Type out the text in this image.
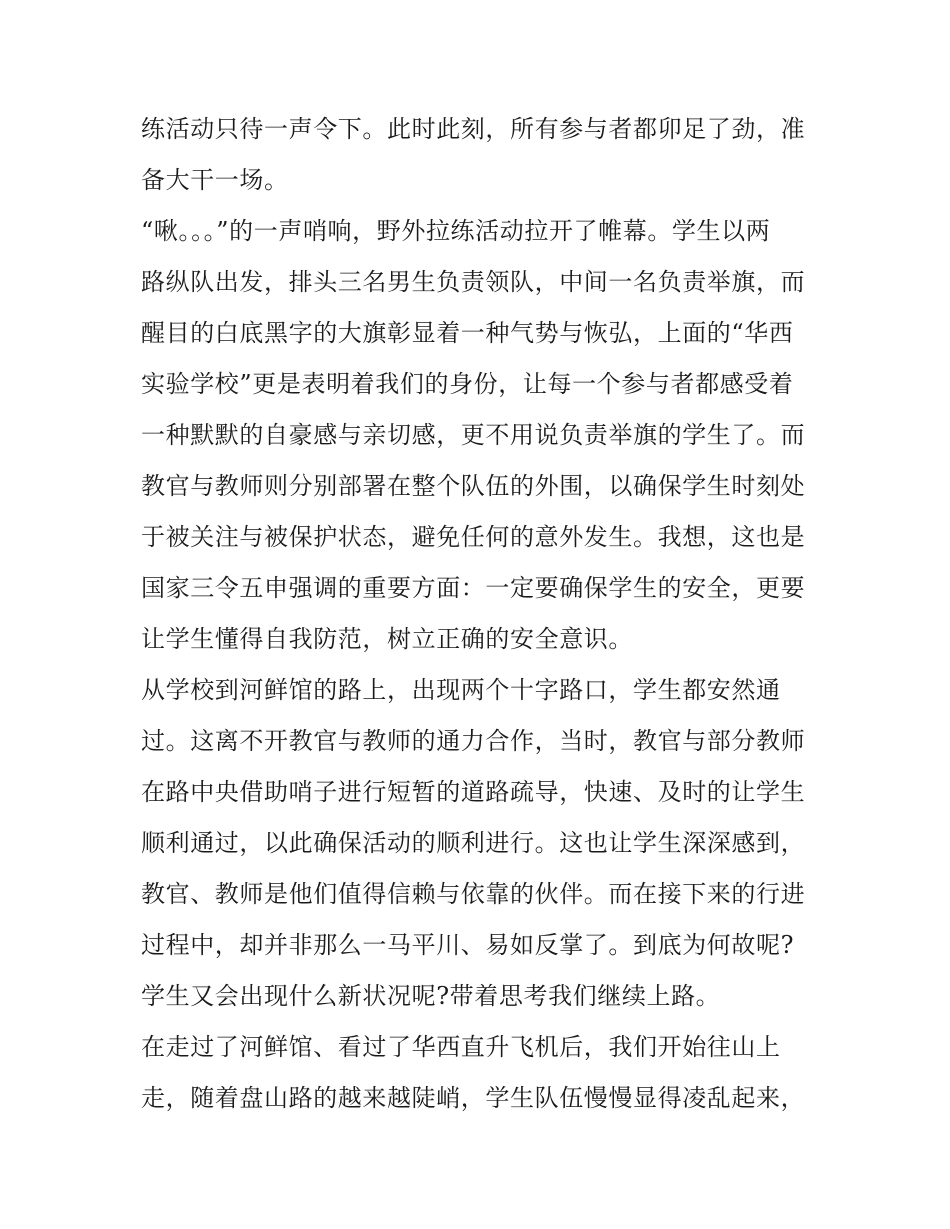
练活动只待一声令下。此时此刻，所有参与者都卯足了劲，准
备大干一场。
“啾。。。”的一声哨响，野外拉练活动拉开了帷幕。学生以两
路纵队出发，排头三名男生负责领队，中间一名负责举旗，而
醒目的白底黑字的大旗彰显着一种气势与恢弘，上面的“华西
实验学校”更是表明着我们的身份，让每一个参与者都感受着
一种默默的自豪感与亲切感，更不用说负责举旗的学生了。而
教官与教师则分别部署在整个队伍的外围，以确保学生时刻处
于被关注与被保护状态，避免任何的意外发生。我想，这也是
国家三令五申强调的重要方面：一定要确保学生的安全，更要
让学生懂得自我防范，树立正确的安全意识。
从学校到河鲜馆的路上，出现两个十字路口，学生都安然通
过。这离不开教官与教师的通力合作，当时，教官与部分教师
在路中央借助哨子进行短暂的道路疏导，快速、及时的让学生
顺利通过，以此确保活动的顺利进行。这也让学生深深感到，
教官、教师是他们值得信赖与依靠的伙伴。而在接下来的行进
过程中，却并非那么一马平川、易如反掌了。到底为何故呢?
学生又会出现什么新状况呢?带着思考我们继续上路。
在走过了河鲜馆、看过了华西直升飞机后，我们开始往山上
走，随着盘山路的越来越陡峭，学生队伍慢慢显得凌乱起来，
